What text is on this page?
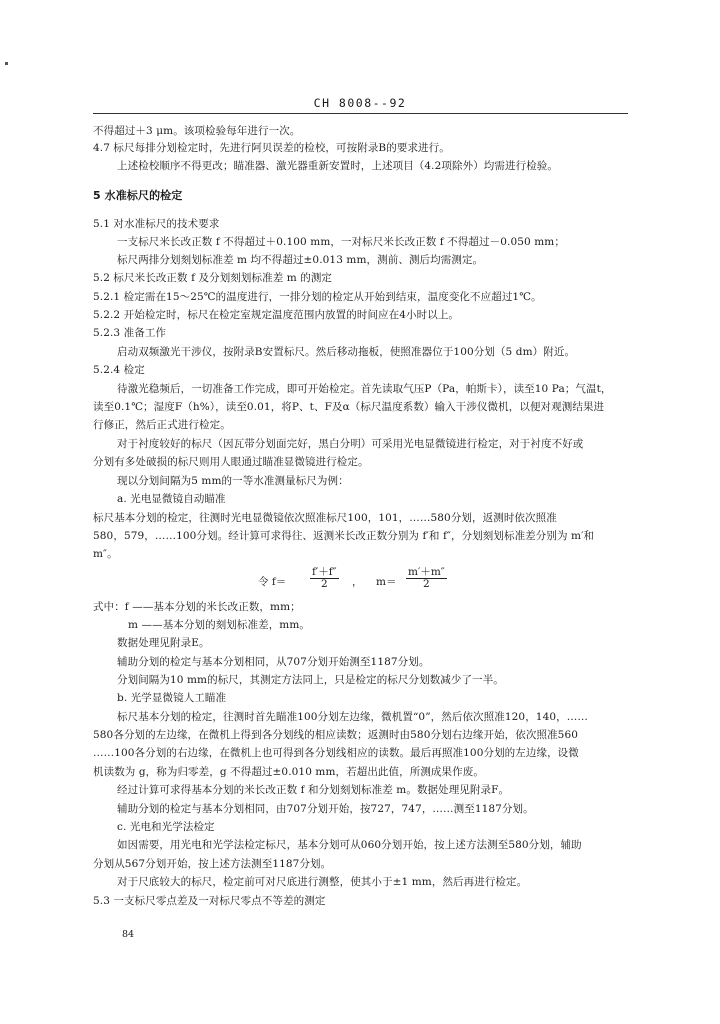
CH 8008--92
不得超过＋3 μm。该项检验每年进行一次。
4.7 标尺每排分划检定时，先进行阿贝误差的检校，可按附录B的要求进行。
上述检校顺序不得更改；瞄准器、激光器重新安置时，上述项目（4.2项除外）均需进行检验。
5 水准标尺的检定
5.1 对水准标尺的技术要求
一支标尺米长改正数 f 不得超过＋0.100 mm，一对标尺米长改正数 f 不得超过－0.050 mm；
标尺两排分划刻划标准差 m 均不得超过±0.013 mm，测前、测后均需测定。
5.2 标尺米长改正数 f 及分划刻划标准差 m 的测定
5.2.1 检定需在15～25℃的温度进行，一排分划的检定从开始到结束，温度变化不应超过1℃。
5.2.2 开始检定时，标尺在检定室规定温度范围内放置的时间应在4小时以上。
5.2.3 准备工作
启动双频激光干涉仪，按附录B安置标尺。然后移动拖板，使照准器位于100分划（5 dm）附近。
5.2.4 检定
待激光稳频后，一切准备工作完成，即可开始检定。首先读取气压P（Pa，帕斯卡），读至10 Pa；气温t，
读至0.1℃；湿度F（h%），读至0.01，将P、t、F及α（标尺温度系数）输入干涉仪微机，以便对观测结果进
行修正，然后正式进行检定。
对于衬度较好的标尺（因瓦带分划面完好，黑白分明）可采用光电显微镜进行检定，对于衬度不好或
分划有多处破损的标尺则用人眼通过瞄准显微镜进行检定。
现以分划间隔为5 mm的一等水准测量标尺为例：
a. 光电显微镜自动瞄准
标尺基本分划的检定，往测时光电显微镜依次照准标尺100，101，……580分划，返测时依次照准
580，579，……100分划。经计算可求得往、返测米长改正数分别为 f′和 f″，分划刻划标准差分别为 m′和
m″。
令 $f= \frac{f'+f''}{2}$ ， $m= \frac{m'+m''}{2}$
式中：f ——基本分划的米长改正数，mm；
m ——基本分划的刻划标准差，mm。
数据处理见附录E。
辅助分划的检定与基本分划相同，从707分划开始测至1187分划。
分划间隔为10 mm的标尺，其测定方法同上，只是检定的标尺分划数减少了一半。
b. 光学显微镜人工瞄准
标尺基本分划的检定，往测时首先瞄准100分划左边缘，微机置“0”，然后依次照准120，140，……
580各分划的左边缘，在微机上得到各分划线的相应读数；返测时由580分划右边缘开始，依次照准560
……100各分划的右边缘，在微机上也可得到各分划线相应的读数。最后再照准100分划的左边缘，设微
机读数为 g，称为归零差，g 不得超过±0.010 mm，若超出此值，所测成果作废。
经过计算可求得基本分划的米长改正数 f 和分划刻划标准差 m。数据处理见附录F。
辅助分划的检定与基本分划相同，由707分划开始，按727，747，……测至1187分划。
c. 光电和光学法检定
如因需要，用光电和光学法检定标尺，基本分划可从060分划开始，按上述方法测至580分划，辅助
分划从567分划开始，按上述方法测至1187分划。
对于尺底较大的标尺，检定前可对尺底进行测整，使其小于±1 mm，然后再进行检定。
5.3 一支标尺零点差及一对标尺零点不等差的测定
84
